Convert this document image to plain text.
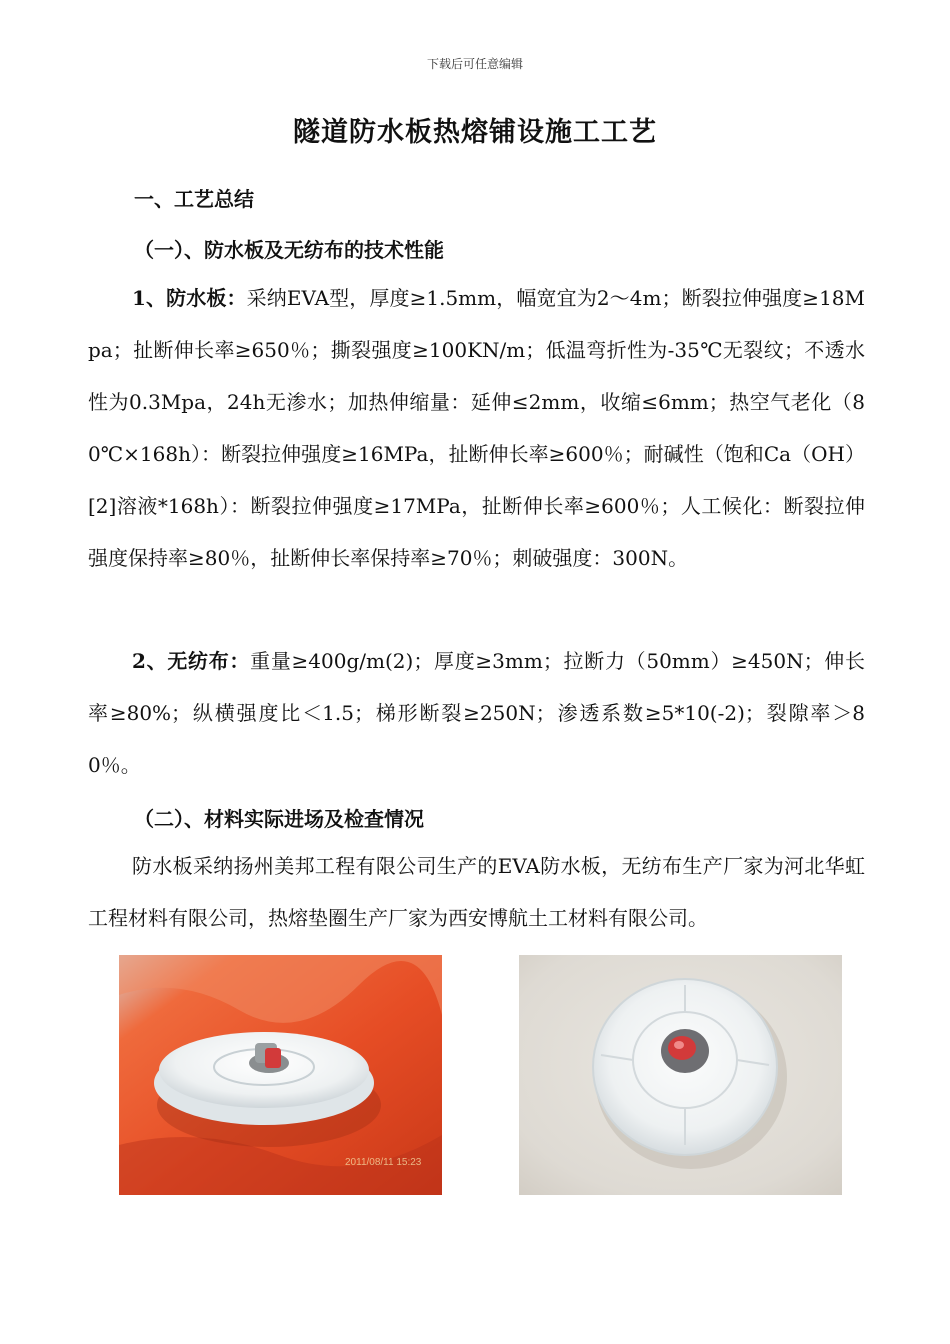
下载后可任意编辑
隧道防水板热熔铺设施工工艺
一、工艺总结
（一）、防水板及无纺布的技术性能

1、防水板：采纳EVA型，厚度≥1.5mm，幅宽宜为2～4m；断裂拉伸强度≥18Mpa；扯断伸长率≥650％；撕裂强度≥100KN/m；低温弯折性为-35℃无裂纹；不透水性为0.3Mpa，24h无渗水；加热伸缩量：延伸≤2mm，收缩≤6mm；热空气老化（80℃×168h）：断裂拉伸强度≥16MPa，扯断伸长率≥600％；耐碱性（饱和Ca（OH）[2]溶液*168h）：断裂拉伸强度≥17MPa，扯断伸长率≥600％；人工候化：断裂拉伸强度保持率≥80％，扯断伸长率保持率≥70％；刺破强度：300N。

2、无纺布：重量≥400g/m(2)；厚度≥3mm；拉断力（50mm）≥450N；伸长率≥80%；纵横强度比＜1.5；梯形断裂≥250N；渗透系数≥5*10(-2)；裂隙率＞80％。

（二）、材料实际进场及检查情况

防水板采纳扬州美邦工程有限公司生产的EVA防水板，无纺布生产厂家为河北华虹工程材料有限公司，热熔垫圈生产厂家为西安博航土工材料有限公司。

2011/08/11 15:23
